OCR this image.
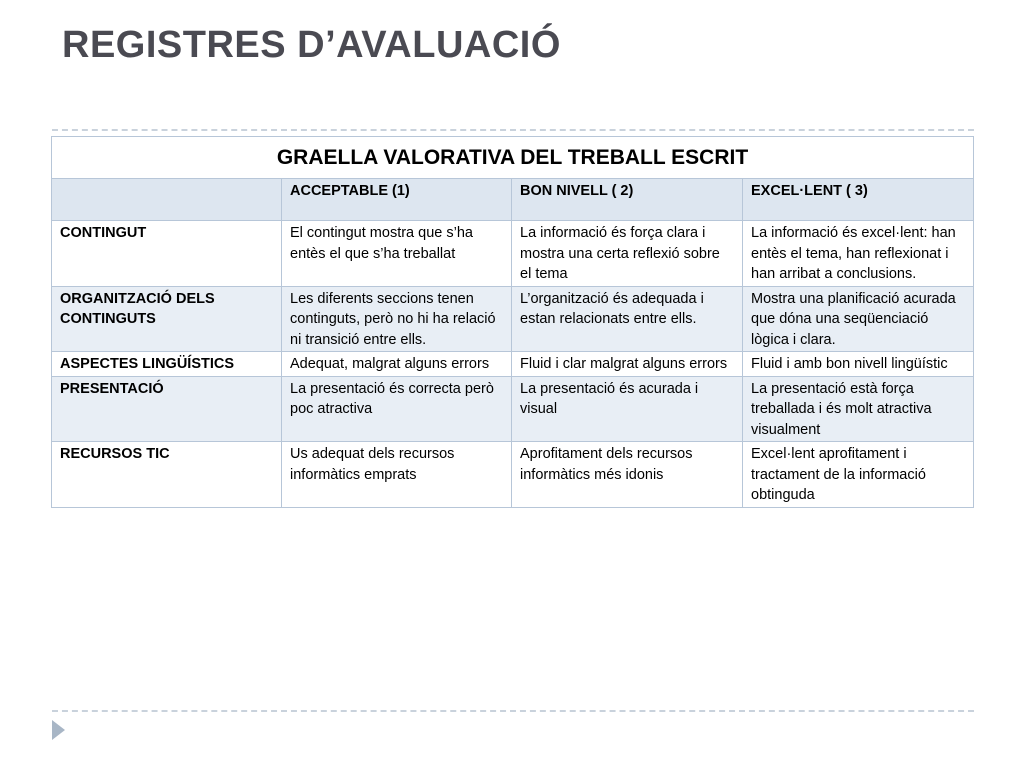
REGISTRES D’AVALUACIÓ
GRAELLA VALORATIVA DEL TREBALL ESCRIT			
	ACCEPTABLE (1)	BON NIVELL ( 2)	EXCEL·LENT ( 3)
CONTINGUT	El contingut mostra que s’ha entès el que s’ha treballat	La informació és força clara i mostra una certa reflexió sobre el tema	La informació és excel·lent: han entès el tema, han reflexionat i han arribat a conclusions.
ORGANITZACIÓ DELS CONTINGUTS	Les diferents seccions tenen continguts, però no hi ha relació ni transició entre ells.	L’organització és adequada i estan relacionats entre ells.	Mostra una planificació acurada que dóna una seqüenciació lògica i clara.
ASPECTES LINGÜÍSTICS	Adequat, malgrat alguns errors	Fluid i clar malgrat alguns errors	Fluid i amb bon nivell lingüístic
PRESENTACIÓ	La presentació és correcta però poc atractiva	La presentació és acurada i visual	La presentació està força treballada i és molt atractiva visualment
RECURSOS TIC	Us adequat dels recursos informàtics emprats	Aprofitament dels recursos informàtics més idonis	Excel·lent aprofitament i tractament de la informació obtinguda
